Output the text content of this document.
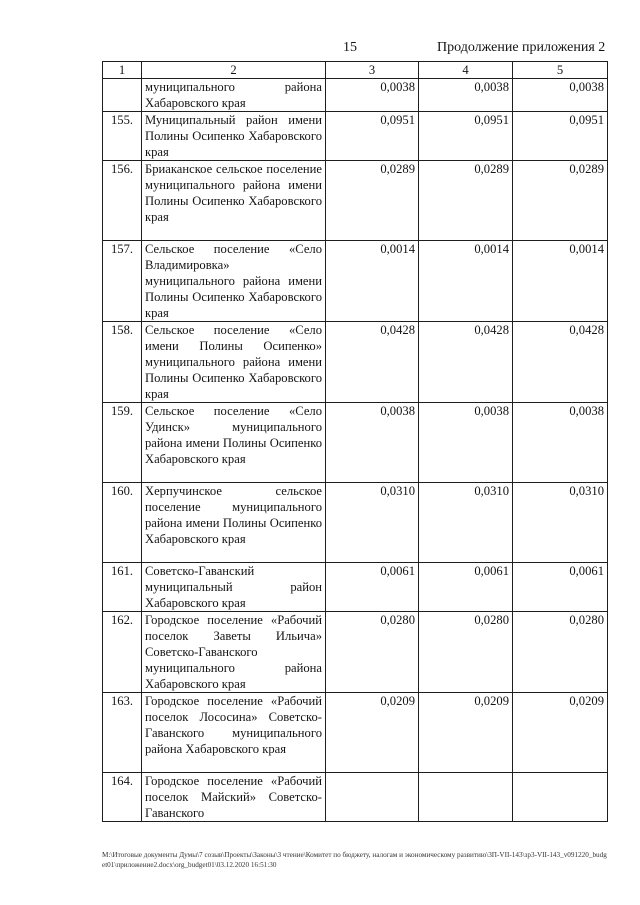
15	Продолжение приложения 2
1	2	3	4	5
	муниципального района Хабаровского края	0,0038	0,0038	0,0038
155.	Муниципальный район имени Полины Осипенко Хабаровского края	0,0951	0,0951	0,0951
156.	Бриаканское сельское поселение муниципального района имени Полины Осипенко Хабаровского края	0,0289	0,0289	0,0289
157.	Сельское поселение «Село Владимировка» муниципального района имени Полины Осипенко Хабаровского края	0,0014	0,0014	0,0014
158.	Сельское поселение «Село имени Полины Осипенко» муниципального района имени Полины Осипенко Хабаровского края	0,0428	0,0428	0,0428
159.	Сельское поселение «Село Удинск» муниципального района имени Полины Осипенко Хабаровского края	0,0038	0,0038	0,0038
160.	Херпучинское сельское поселение муниципального района имени Полины Осипенко Хабаровского края	0,0310	0,0310	0,0310
161.	Советско-Гаванский муниципальный район Хабаровского края	0,0061	0,0061	0,0061
162.	Городское поселение «Рабочий поселок Заветы Ильича» Советско-Гаванского муниципального района Хабаровского края	0,0280	0,0280	0,0280
163.	Городское поселение «Рабочий поселок Лососина» Советско-Гаванского муниципального района Хабаровского края	0,0209	0,0209	0,0209
164.	Городское поселение «Рабочий поселок Майский» Советско-Гаванского			
M:\Итоговые документы Думы\7 созыв\Проекты\Законы\3 чтение\Комитет по бюджету, налогам и экономическому развитию\3П-VII-143\зр3-VII-143_v091220_budget01\приложение2.docx\org_budget01\03.12.2020 16:51:30
